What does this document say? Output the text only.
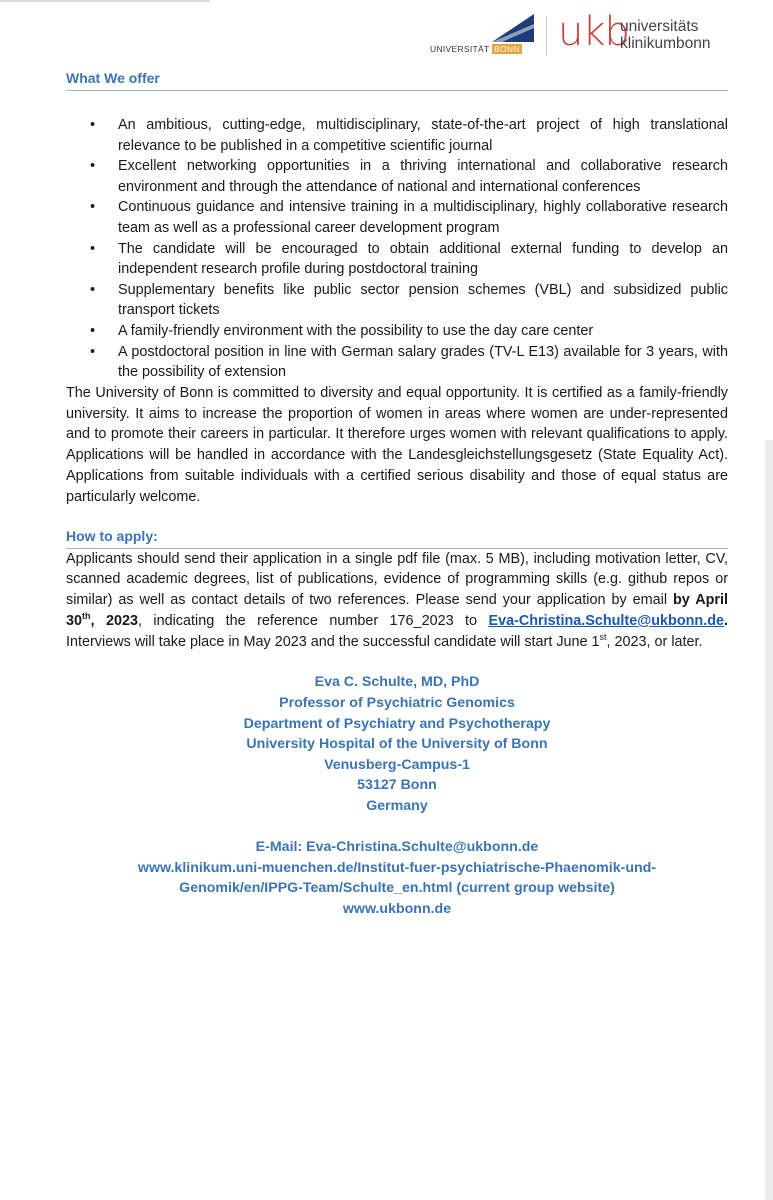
UNIVERSITÄT BONN ukb
universitäts
klinikumbonn
What We offer
• An ambitious, cutting-edge, multidisciplinary, state-of-the-art project of high translational relevance to be published in a competitive scientific journal
• Excellent networking opportunities in a thriving international and collaborative research environment and through the attendance of national and international conferences
• Continuous guidance and intensive training in a multidisciplinary, highly collaborative research team as well as a professional career development program
• The candidate will be encouraged to obtain additional external funding to develop an independent research profile during postdoctoral training
• Supplementary benefits like public sector pension schemes (VBL) and subsidized public transport tickets
• A family-friendly environment with the possibility to use the day care center
• A postdoctoral position in line with German salary grades (TV-L E13) available for 3 years, with the possibility of extension

The University of Bonn is committed to diversity and equal opportunity. It is certified as a family-friendly university. It aims to increase the proportion of women in areas where women are under-represented and to promote their careers in particular. It therefore urges women with relevant qualifications to apply. Applications will be handled in accordance with the Landesgleichstellungsgesetz (State Equality Act). Applications from suitable individuals with a certified serious disability and those of equal status are particularly welcome.

How to apply:

Applicants should send their application in a single pdf file (max. 5 MB), including motivation letter, CV, scanned academic degrees, list of publications, evidence of programming skills (e.g. github repos or similar) as well as contact details of two references. Please send your application by email by April 30th, 2023, indicating the reference number 176_2023 to Eva-Christina.Schulte@ukbonn.de. Interviews will take place in May 2023 and the successful candidate will start June 1st, 2023, or later.

Eva C. Schulte, MD, PhD
Professor of Psychiatric Genomics
Department of Psychiatry and Psychotherapy
University Hospital of the University of Bonn
Venusberg-Campus-1
53127 Bonn
Germany
E-Mail: Eva-Christina.Schulte@ukbonn.de
www.klinikum.uni-muenchen.de/Institut-fuer-psychiatrische-Phaenomik-und-
Genomik/en/IPPG-Team/Schulte_en.html (current group website)
www.ukbonn.de
